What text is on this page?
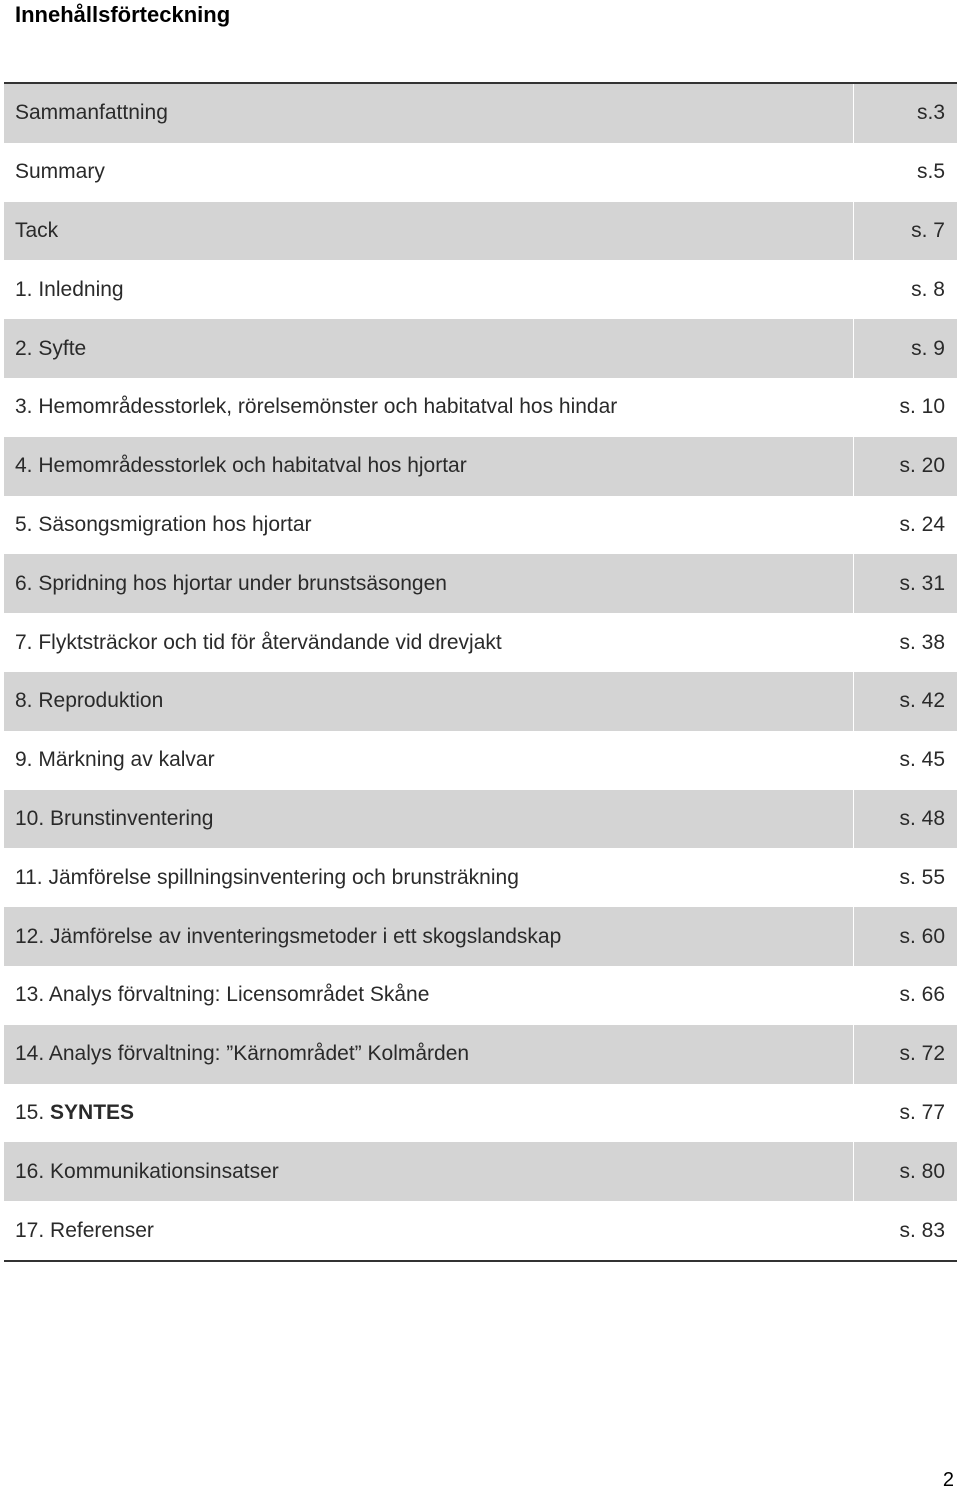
Innehållsförteckning
Sammanfattning	s.3
Summary	s.5
Tack	s. 7
1. Inledning	s. 8
2. Syfte	s. 9
3. Hemområdesstorlek, rörelsemönster och habitatval hos hindar	s. 10
4. Hemområdesstorlek och habitatval hos hjortar	s. 20
5. Säsongsmigration hos hjortar	s. 24
6. Spridning hos hjortar under brunstsäsongen	s. 31
7. Flyktsträckor och tid för återvändande vid drevjakt	s. 38
8. Reproduktion	s. 42
9. Märkning av kalvar	s. 45
10. Brunstinventering	s. 48
11. Jämförelse spillningsinventering och brunsträkning	s. 55
12. Jämförelse av inventeringsmetoder i ett skogslandskap	s. 60
13. Analys förvaltning: Licensområdet Skåne	s. 66
14. Analys förvaltning: ”Kärnområdet” Kolmården	s. 72
15. SYNTES	s. 77
16. Kommunikationsinsatser	s. 80
17. Referenser	s. 83
2
